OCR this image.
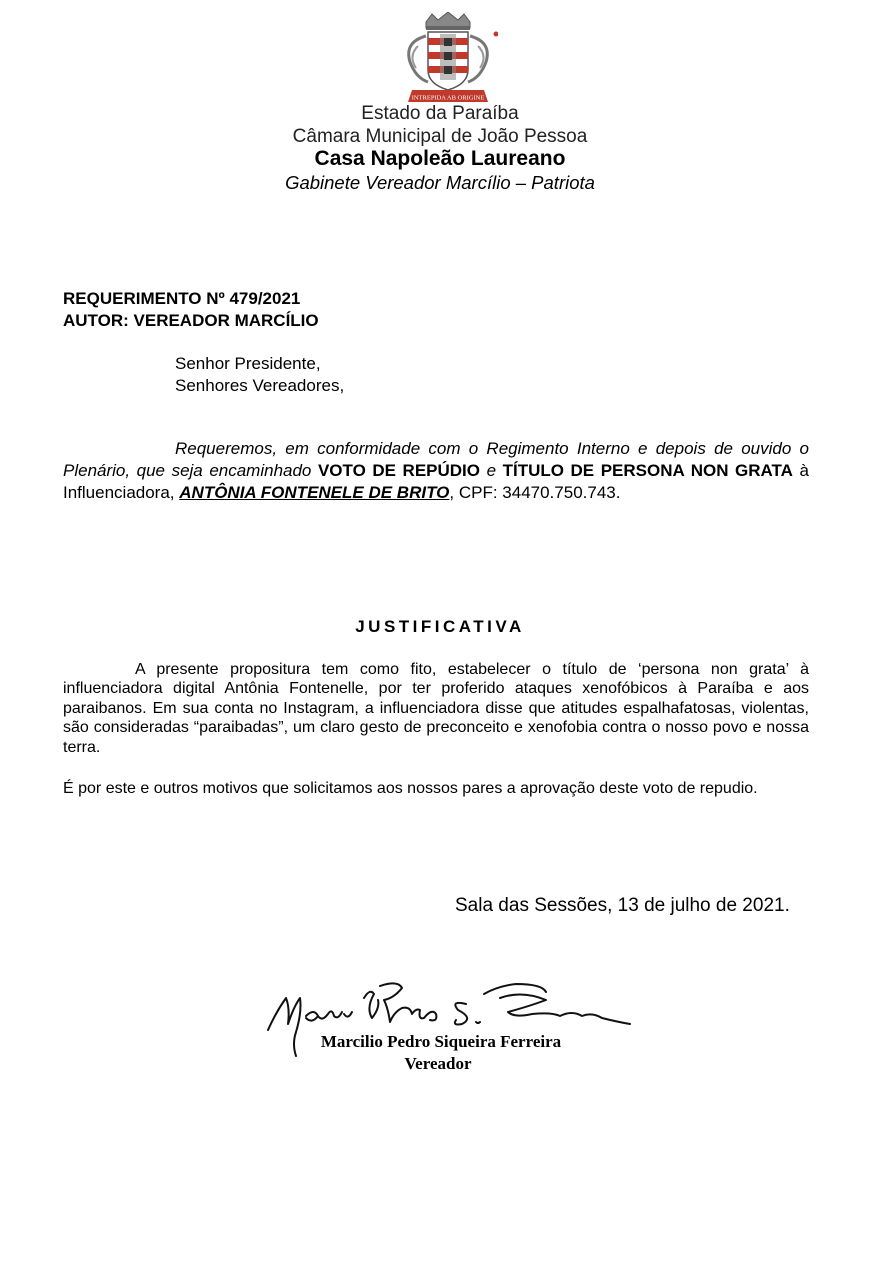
INTREPIDA AB ORIGINE
Estado da Paraíba
Câmara Municipal de João Pessoa
Casa Napoleão Laureano
Gabinete Vereador Marcílio – Patriota
REQUERIMENTO Nº 479/2021
AUTOR: VEREADOR MARCÍLIO
Senhor Presidente,
Senhores Vereadores,
Requeremos, em conformidade com o Regimento Interno e depois de ouvido o Plenário, que seja encaminhado VOTO DE REPÚDIO e TÍTULO DE PERSONA NON GRATA à Influenciadora, ANTÔNIA FONTENELE DE BRITO, CPF: 34470.750.743.
JUSTIFICATIVA
A presente propositura tem como fito, estabelecer o título de ‘persona non grata’ à influenciadora digital Antônia Fontenelle, por ter proferido ataques xenofóbicos à Paraíba e aos paraibanos. Em sua conta no Instagram, a influenciadora disse que atitudes espalhafatosas, violentas, são consideradas “paraibadas”, um claro gesto de preconceito e xenofobia contra o nosso povo e nossa terra.
É por este e outros motivos que solicitamos aos nossos pares a aprovação deste voto de repudio.
Sala das Sessões, 13 de julho de 2021.
Marcilio Pedro Siqueira Ferreira
Vereador
